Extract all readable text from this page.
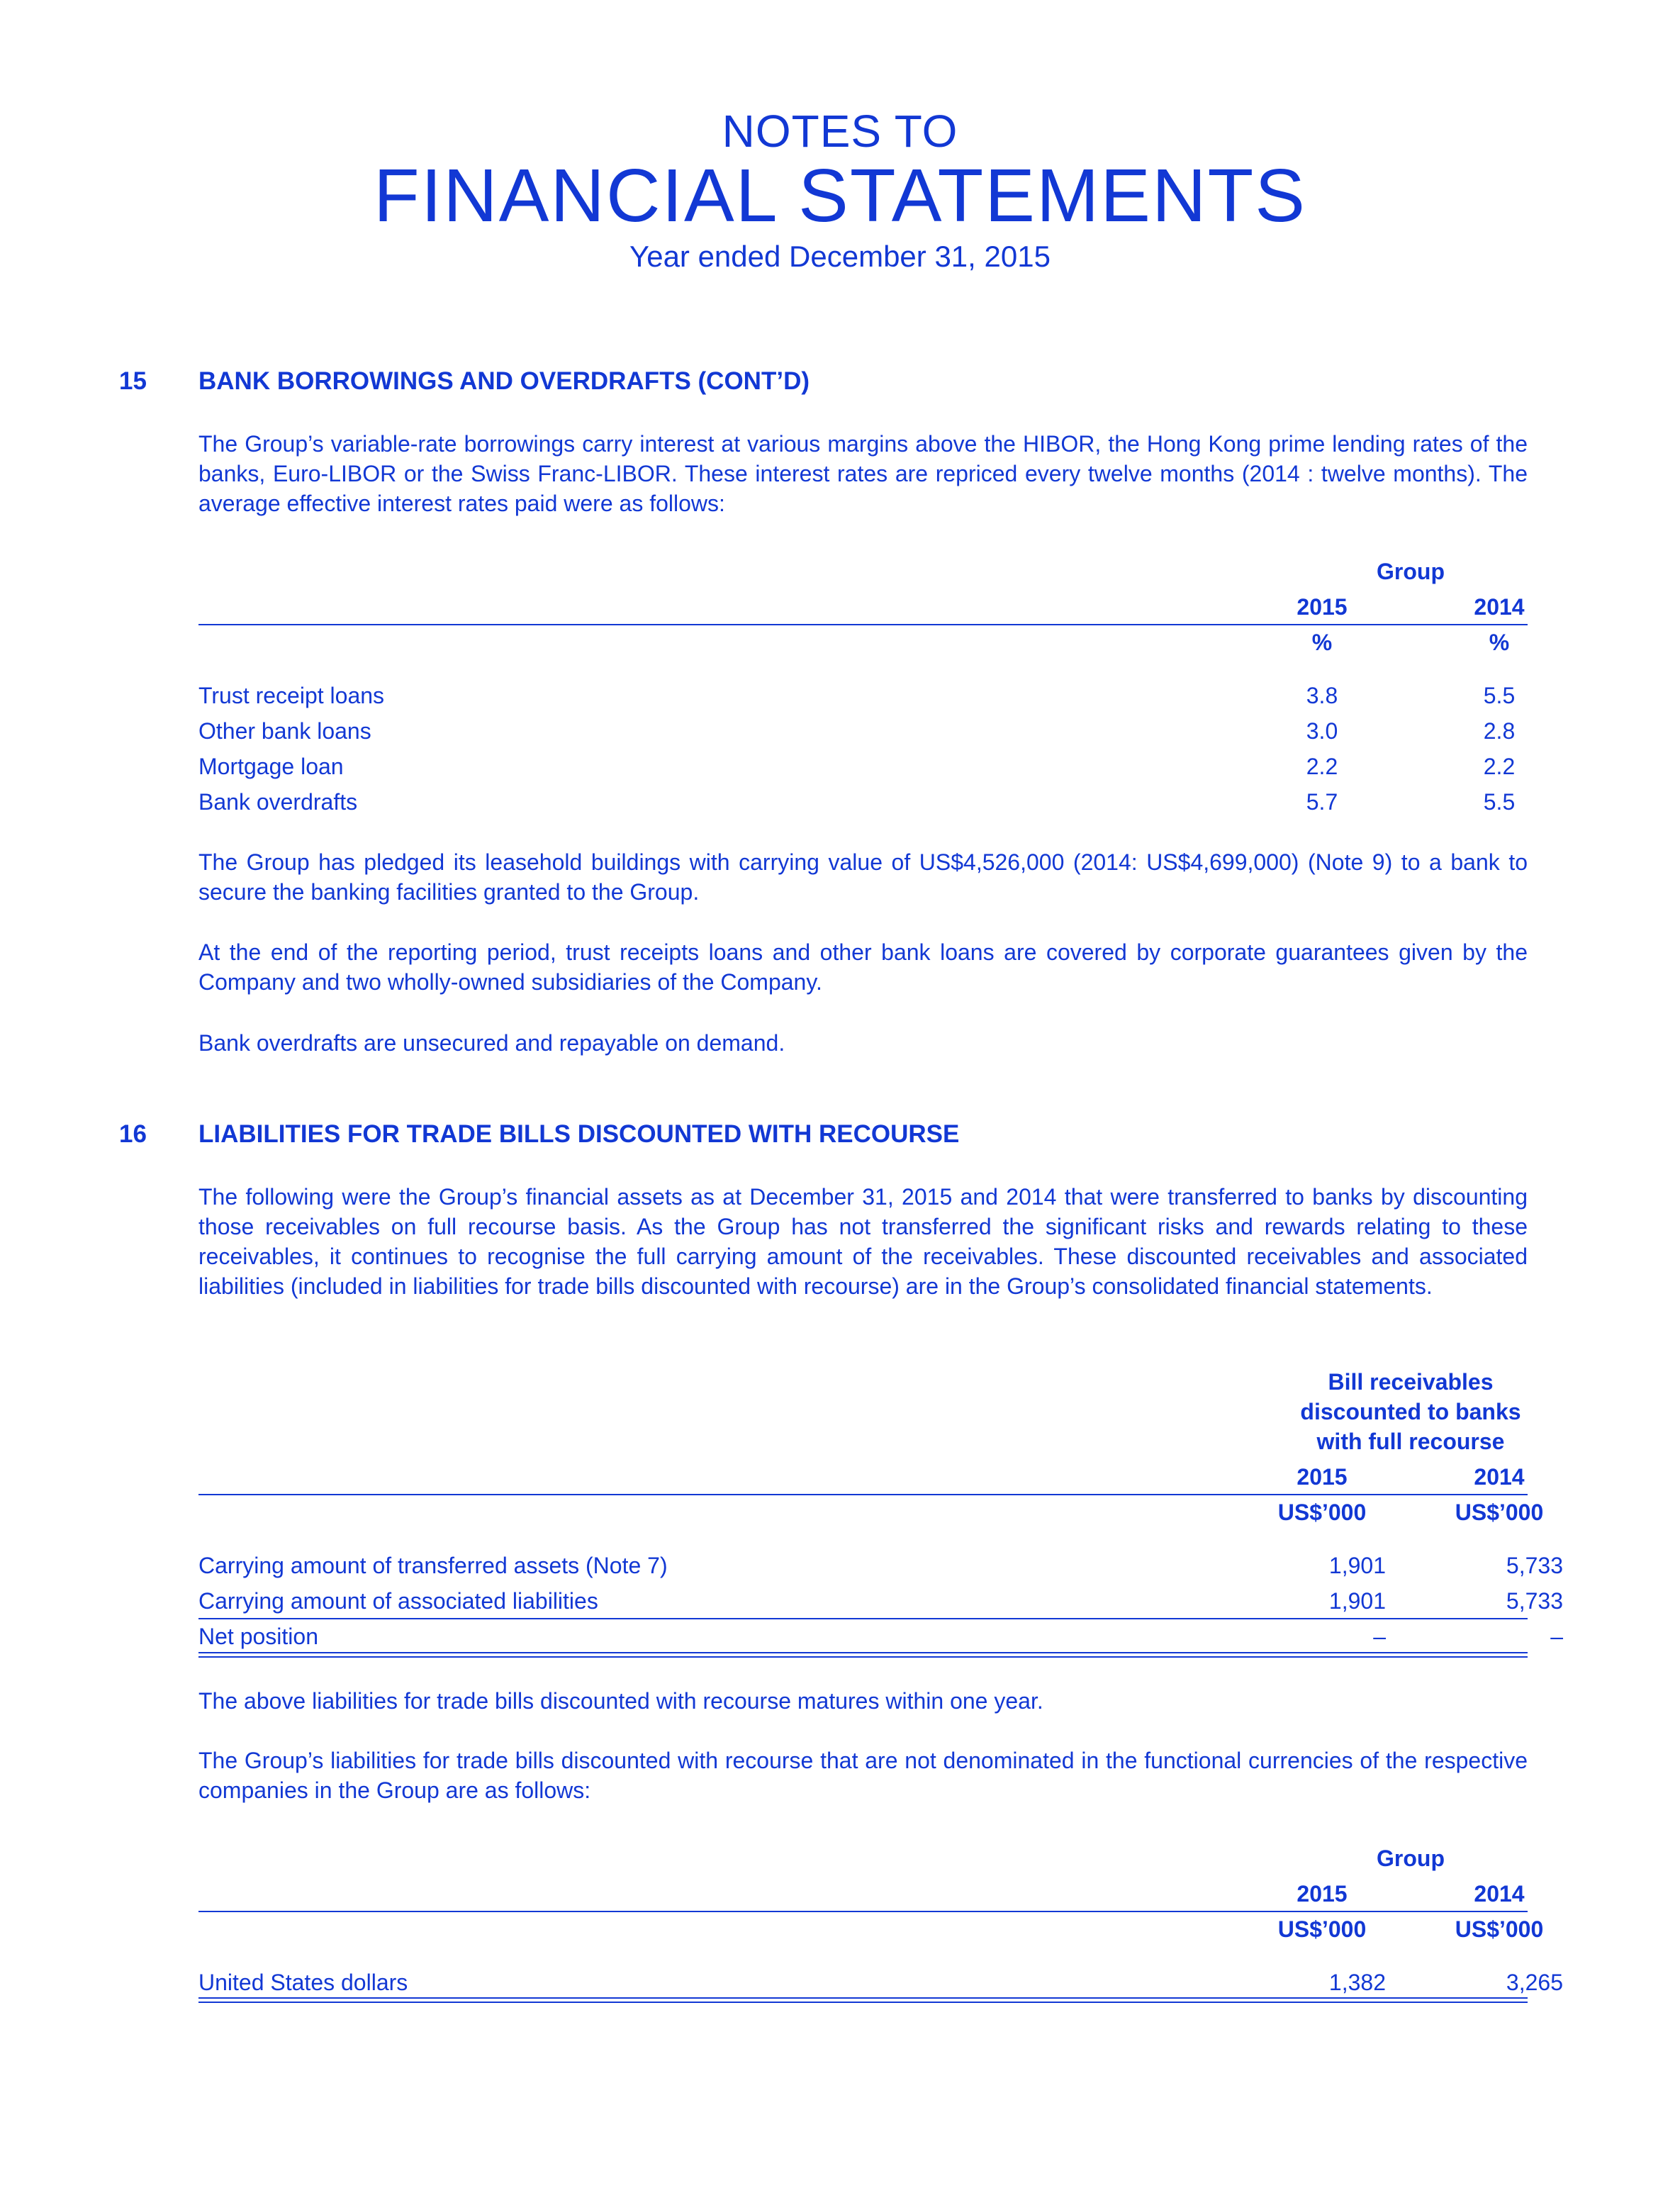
NOTES TO
FINANCIAL STATEMENTS
Year ended December 31, 2015
15 BANK BORROWINGS AND OVERDRAFTS (CONT’D)
The Group’s variable-rate borrowings carry interest at various margins above the HIBOR, the Hong Kong prime lending rates of the banks, Euro-LIBOR or the Swiss Franc-LIBOR. These interest rates are repriced every twelve months (2014 : twelve months). The average effective interest rates paid were as follows:
Group
2015	2014
%	%
Trust receipt loans	3.8	5.5
Other bank loans	3.0	2.8
Mortgage loan	2.2	2.2
Bank overdrafts	5.7	5.5
The Group has pledged its leasehold buildings with carrying value of US$4,526,000 (2014: US$4,699,000) (Note 9) to a bank to secure the banking facilities granted to the Group.
At the end of the reporting period, trust receipts loans and other bank loans are covered by corporate guarantees given by the Company and two wholly-owned subsidiaries of the Company.
Bank overdrafts are unsecured and repayable on demand.
16 LIABILITIES FOR TRADE BILLS DISCOUNTED WITH RECOURSE
The following were the Group’s financial assets as at December 31, 2015 and 2014 that were transferred to banks by discounting those receivables on full recourse basis. As the Group has not transferred the significant risks and rewards relating to these receivables, it continues to recognise the full carrying amount of the receivables. These discounted receivables and associated liabilities (included in liabilities for trade bills discounted with recourse) are in the Group’s consolidated financial statements.
Bill receivables
discounted to banks
with full recourse
2015	2014
US$’000	US$’000
Carrying amount of transferred assets (Note 7)	1,901	5,733
Carrying amount of associated liabilities	1,901	5,733
Net position	–	–
The above liabilities for trade bills discounted with recourse matures within one year.
The Group’s liabilities for trade bills discounted with recourse that are not denominated in the functional currencies of the respective companies in the Group are as follows:
Group
2015	2014
US$’000	US$’000
United States dollars	1,382	3,265
